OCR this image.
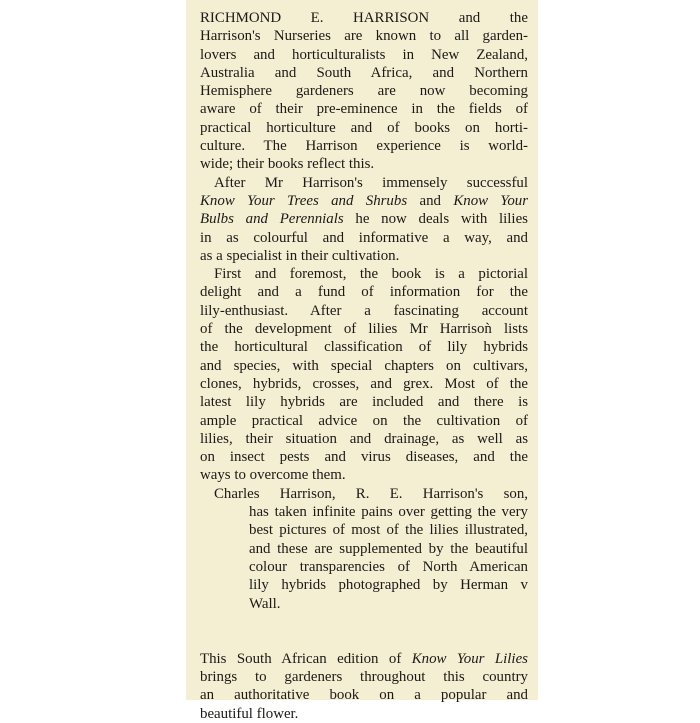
RICHMOND E. HARRISON and the
Harrison's Nurseries are known to all garden-
lovers and horticulturalists in New Zealand,
Australia and South Africa, and Northern
Hemisphere gardeners are now becoming
aware of their pre-eminence in the fields of
practical horticulture and of books on horti-
culture. The Harrison experience is world-
wide; their books reflect this.
After Mr Harrison's immensely successful
Know Your Trees and Shrubs and Know Your
Bulbs and Perennials he now deals with lilies
in as colourful and informative a way, and
as a specialist in their cultivation.
First and foremost, the book is a pictorial
delight and a fund of information for the
lily-enthusiast. After a fascinating account
of the development of lilies Mr Harrisoǹ lists
the horticultural classification of lily hybrids
and species, with special chapters on cultivars,
clones, hybrids, crosses, and grex. Most of the
latest lily hybrids are included and there is
ample practical advice on the cultivation of
lilies, their situation and drainage, as well as
on insect pests and virus diseases, and the
ways to overcome them.
Charles Harrison, R. E. Harrison's son,
has taken infinite pains over getting the very
best pictures of most of the lilies illustrated,
and these are supplemented by the beautiful
colour transparencies of North American
lily hybrids photographed by Herman v
Wall.
This South African edition of Know Your Lilies
brings to gardeners throughout this country
an authoritative book on a popular and
beautiful flower.
